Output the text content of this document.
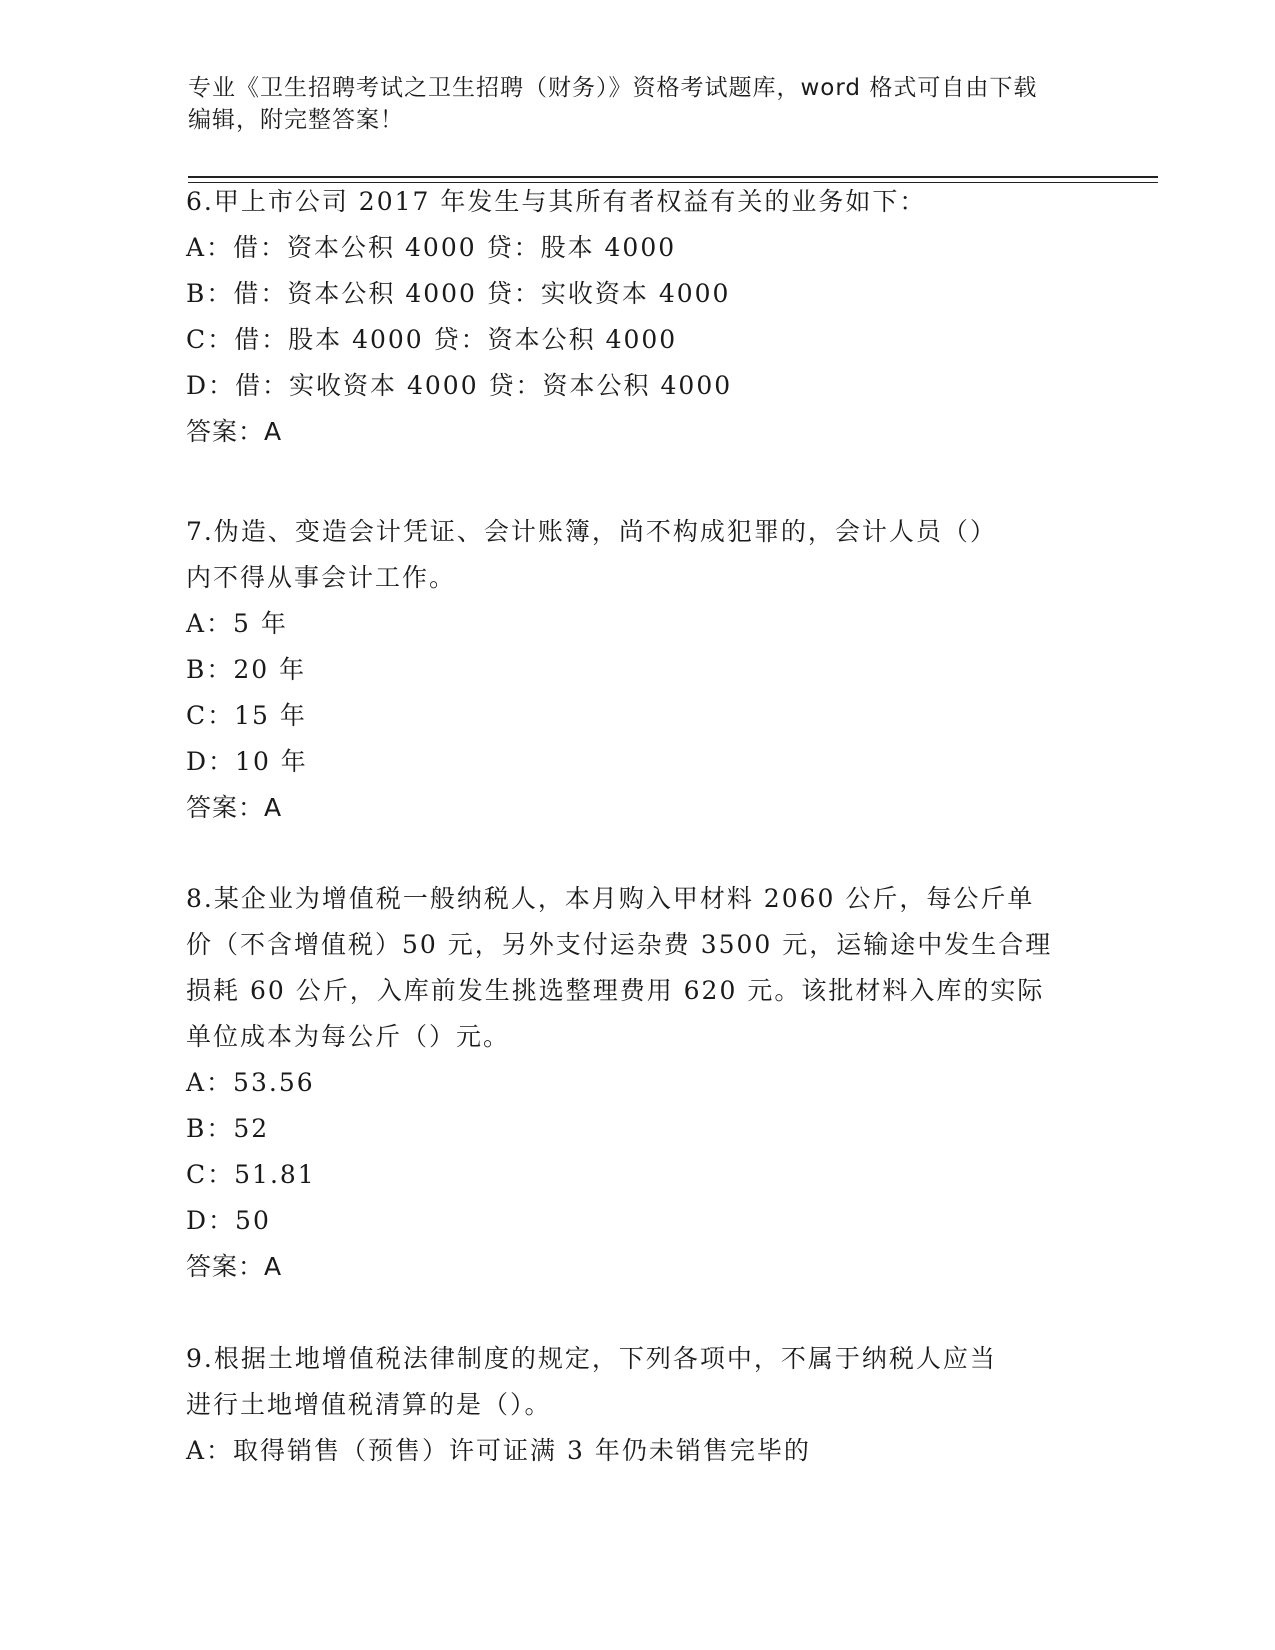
专业《卫生招聘考试之卫生招聘（财务）》资格考试题库，word 格式可自由下载
编辑，附完整答案！
6.甲上市公司 2017 年发生与其所有者权益有关的业务如下：
A：借：资本公积 4000 贷：股本 4000
B：借：资本公积 4000 贷：实收资本 4000
C：借：股本 4000 贷：资本公积 4000
D：借：实收资本 4000 贷：资本公积 4000
答案：A
7.伪造、变造会计凭证、会计账簿，尚不构成犯罪的，会计人员（）
内不得从事会计工作。
A：5 年
B：20 年
C：15 年
D：10 年
答案：A
8.某企业为增值税一般纳税人，本月购入甲材料 2060 公斤，每公斤单
价（不含增值税）50 元，另外支付运杂费 3500 元，运输途中发生合理
损耗 60 公斤，入库前发生挑选整理费用 620 元。该批材料入库的实际
单位成本为每公斤（）元。
A：53.56
B：52
C：51.81
D：50
答案：A
9.根据土地增值税法律制度的规定，下列各项中，不属于纳税人应当
进行土地增值税清算的是（）。
A：取得销售（预售）许可证满 3 年仍未销售完毕的
